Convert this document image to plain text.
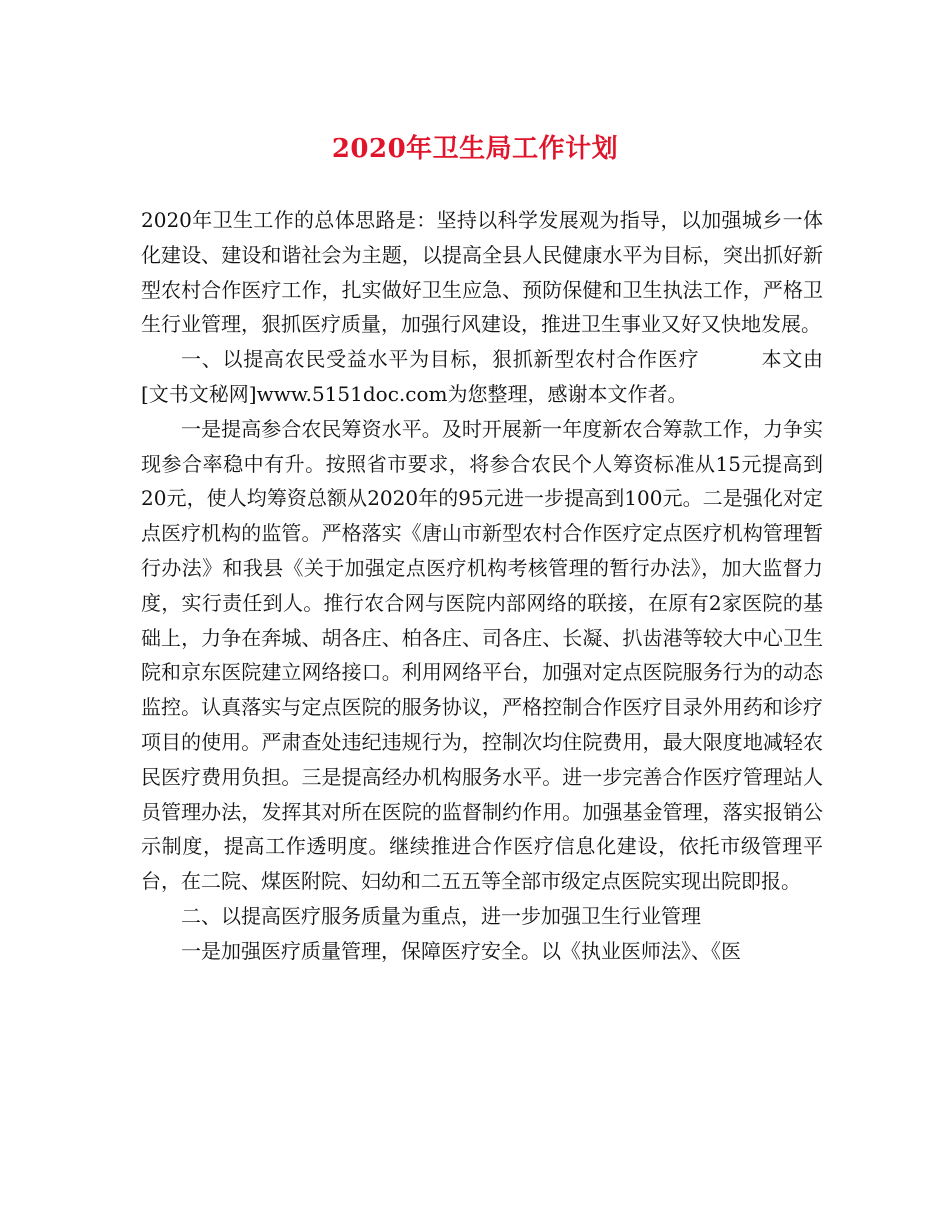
2020年卫生局工作计划

2020年卫生工作的总体思路是：坚持以科学发展观为指导，以加强城乡一体化建设、建设和谐社会为主题，以提高全县人民健康水平为目标，突出抓好新型农村合作医疗工作，扎实做好卫生应急、预防保健和卫生执法工作，严格卫生行业管理，狠抓医疗质量，加强行风建设，推进卫生事业又好又快地发展。

一、以提高农民受益水平为目标，狠抓新型农村合作医疗　　　本文由[文书文秘网]www.5151doc.com为您整理，感谢本文作者。

一是提高参合农民筹资水平。及时开展新一年度新农合筹款工作，力争实现参合率稳中有升。按照省市要求，将参合农民个人筹资标准从15元提高到20元，使人均筹资总额从2020年的95元进一步提高到100元。二是强化对定点医疗机构的监管。严格落实《唐山市新型农村合作医疗定点医疗机构管理暂行办法》和我县《关于加强定点医疗机构考核管理的暂行办法》，加大监督力度，实行责任到人。推行农合网与医院内部网络的联接，在原有2家医院的基础上，力争在奔城、胡各庄、柏各庄、司各庄、长凝、扒齿港等较大中心卫生院和京东医院建立网络接口。利用网络平台，加强对定点医院服务行为的动态监控。认真落实与定点医院的服务协议，严格控制合作医疗目录外用药和诊疗项目的使用。严肃查处违纪违规行为，控制次均住院费用，最大限度地减轻农民医疗费用负担。三是提高经办机构服务水平。进一步完善合作医疗管理站人员管理办法，发挥其对所在医院的监督制约作用。加强基金管理，落实报销公示制度，提高工作透明度。继续推进合作医疗信息化建设，依托市级管理平台，在二院、煤医附院、妇幼和二五五等全部市级定点医院实现出院即报。

二、以提高医疗服务质量为重点，进一步加强卫生行业管理

一是加强医疗质量管理，保障医疗安全。以《执业医师法》、《医
